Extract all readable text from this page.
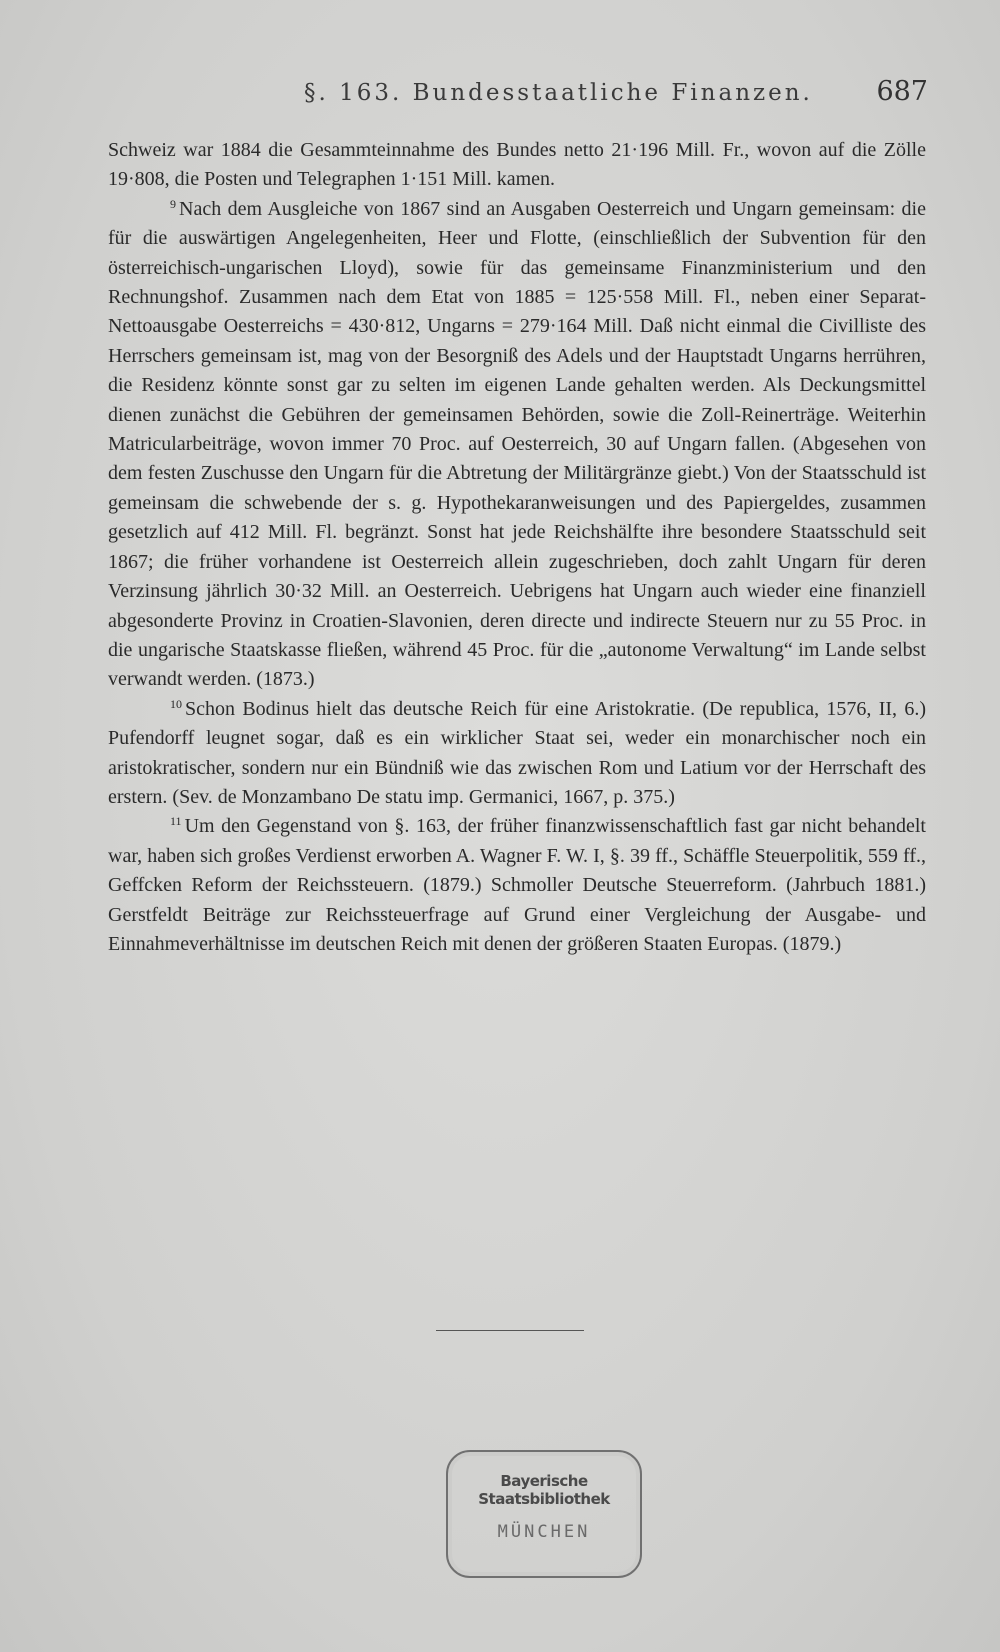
§. 163. Bundesstaatliche Finanzen. 687

Schweiz war 1884 die Gesammteinnahme des Bundes netto 21·196 Mill. Fr., wovon auf die Zölle 19·808, die Posten und Telegraphen 1·151 Mill. kamen.

$^9$ Nach dem Ausgleiche von 1867 sind an Ausgaben Oesterreich und Ungarn gemeinsam: die für die auswärtigen Angelegenheiten, Heer und Flotte, (einschließlich der Subvention für den österreichisch-ungarischen Lloyd), sowie für das gemeinsame Finanzministerium und den Rechnungshof. Zusammen nach dem Etat von 1885 = 125·558 Mill. Fl., neben einer Separat-Nettoausgabe Oesterreichs = 430·812, Ungarns = 279·164 Mill. Daß nicht einmal die Civilliste des Herrschers gemeinsam ist, mag von der Besorgniß des Adels und der Hauptstadt Ungarns herrühren, die Residenz könnte sonst gar zu selten im eigenen Lande gehalten werden. Als Deckungsmittel dienen zunächst die Gebühren der gemeinsamen Behörden, sowie die Zoll-Reinerträge. Weiterhin Matricularbeiträge, wovon immer 70 Proc. auf Oesterreich, 30 auf Ungarn fallen. (Abgesehen von dem festen Zuschusse den Ungarn für die Abtretung der Militärgränze giebt.) Von der Staatsschuld ist gemeinsam die schwebende der s. g. Hypothekaranweisungen und des Papiergeldes, zusammen gesetzlich auf 412 Mill. Fl. begränzt. Sonst hat jede Reichshälfte ihre besondere Staatsschuld seit 1867; die früher vorhandene ist Oesterreich allein zugeschrieben, doch zahlt Ungarn für deren Verzinsung jährlich 30·32 Mill. an Oesterreich. Uebrigens hat Ungarn auch wieder eine finanziell abgesonderte Provinz in Croatien-Slavonien, deren directe und indirecte Steuern nur zu 55 Proc. in die ungarische Staatskasse fließen, während 45 Proc. für die „autonome Verwaltung“ im Lande selbst verwandt werden. (1873.)

$^{10}$ Schon Bodinus hielt das deutsche Reich für eine Aristokratie. (De republica, 1576, II, 6.) Pufendorff leugnet sogar, daß es ein wirklicher Staat sei, weder ein monarchischer noch ein aristokratischer, sondern nur ein Bündniß wie das zwischen Rom und Latium vor der Herrschaft des erstern. (Sev. de Monzambano De statu imp. Germanici, 1667, p. 375.)

$^{11}$ Um den Gegenstand von §. 163, der früher finanzwissenschaftlich fast gar nicht behandelt war, haben sich großes Verdienst erworben A. Wagner F. W. I, §. 39 ff., Schäffle Steuerpolitik, 559 ff., Geffcken Reform der Reichssteuern. (1879.) Schmoller Deutsche Steuerreform. (Jahrbuch 1881.) Gerstfeldt Beiträge zur Reichssteuerfrage auf Grund einer Vergleichung der Ausgabe- und Einnahmeverhältnisse im deutschen Reich mit denen der größeren Staaten Europas. (1879.)

Bayerische
Staatsbibliothek
MÜNCHEN
